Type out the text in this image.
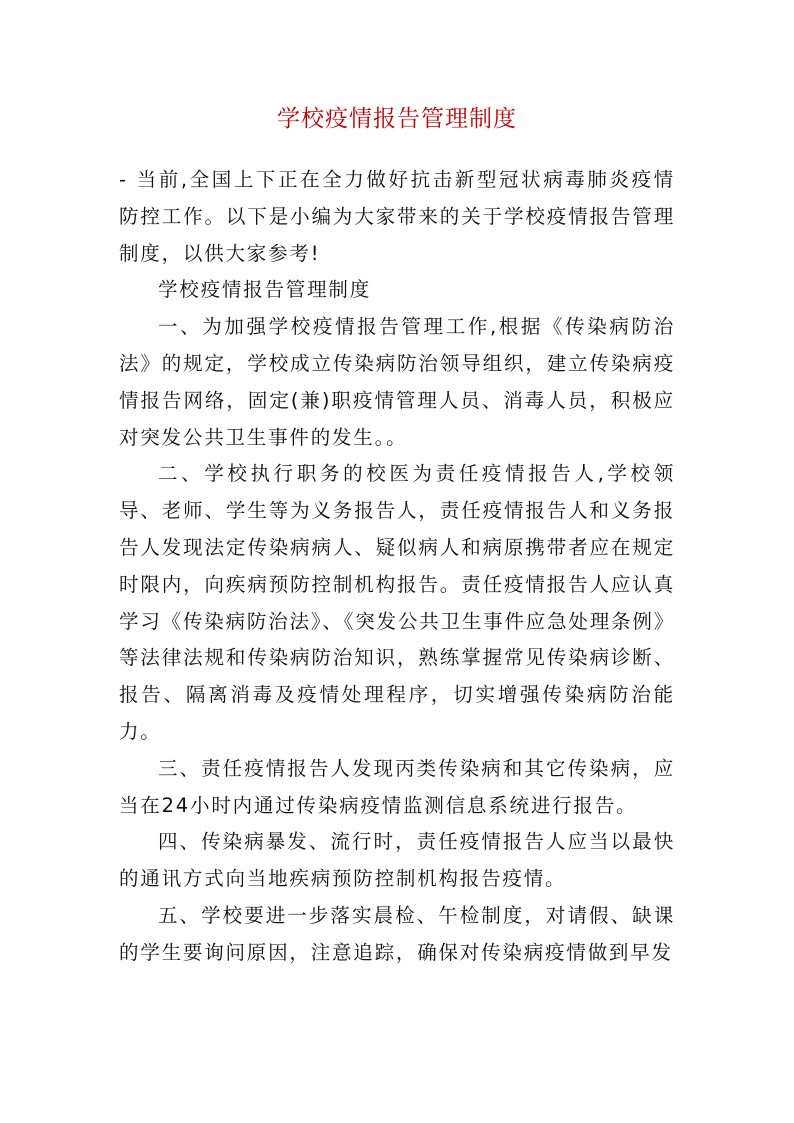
学校疫情报告管理制度

- 当前,全国上下正在全力做好抗击新型冠状病毒肺炎疫情防控工作。以下是小编为大家带来的关于学校疫情报告管理制度，以供大家参考!

学校疫情报告管理制度

一、为加强学校疫情报告管理工作,根据《传染病防治法》的规定，学校成立传染病防治领导组织，建立传染病疫情报告网络，固定(兼)职疫情管理人员、消毒人员，积极应对突发公共卫生事件的发生。。

二、学校执行职务的校医为责任疫情报告人,学校领导、老师、学生等为义务报告人，责任疫情报告人和义务报告人发现法定传染病病人、疑似病人和病原携带者应在规定时限内，向疾病预防控制机构报告。责任疫情报告人应认真学习《传染病防治法》、《突发公共卫生事件应急处理条例》等法律法规和传染病防治知识，熟练掌握常见传染病诊断、报告、隔离消毒及疫情处理程序，切实增强传染病防治能力。

三、责任疫情报告人发现丙类传染病和其它传染病，应当在24小时内通过传染病疫情监测信息系统进行报告。

四、传染病暴发、流行时，责任疫情报告人应当以最快的通讯方式向当地疾病预防控制机构报告疫情。

五、学校要进一步落实晨检、午检制度，对请假、缺课的学生要询问原因，注意追踪，确保对传染病疫情做到早发
